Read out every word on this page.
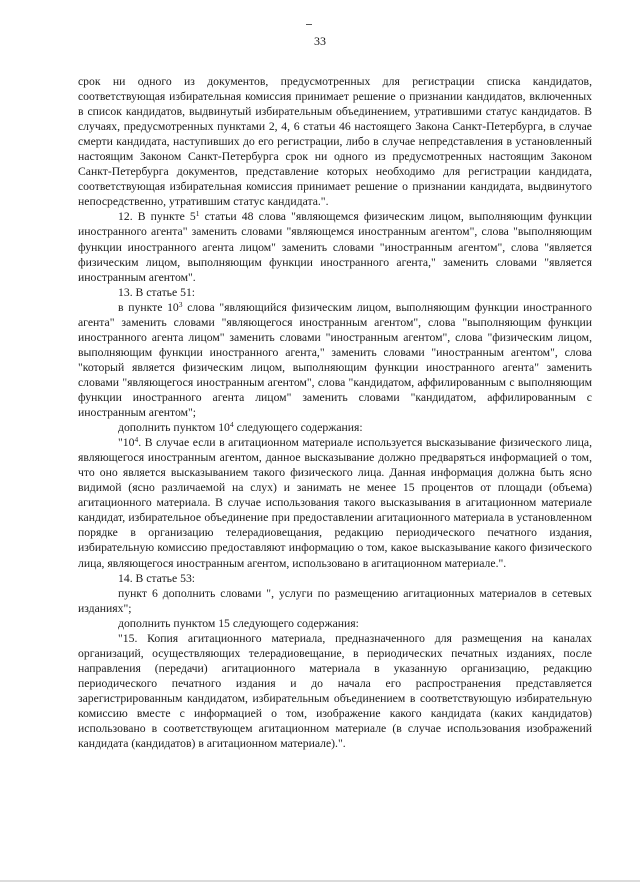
33

срок ни одного из документов, предусмотренных для регистрации списка кандидатов, соответствующая избирательная комиссия принимает решение о признании кандидатов, включенных в список кандидатов, выдвинутый избирательным объединением, утратившими статус кандидатов. В случаях, предусмотренных пунктами 2, 4, 6 статьи 46 настоящего Закона Санкт-Петербурга, в случае смерти кандидата, наступивших до его регистрации, либо в случае непредставления в установленный настоящим Законом Санкт-Петербурга срок ни одного из предусмотренных настоящим Законом Санкт-Петербурга документов, представление которых необходимо для регистрации кандидата, соответствующая избирательная комиссия принимает решение о признании кандидата, выдвинутого непосредственно, утратившим статус кандидата.".

12. В пункте $5^1$ статьи 48 слова "являющемся физическим лицом, выполняющим функции иностранного агента" заменить словами "являющемся иностранным агентом", слова "выполняющим функции иностранного агента лицом" заменить словами "иностранным агентом", слова "является физическим лицом, выполняющим функции иностранного агента," заменить словами "является иностранным агентом".

13. В статье 51:

в пункте $10^3$ слова "являющийся физическим лицом, выполняющим функции иностранного агента" заменить словами "являющегося иностранным агентом", слова "выполняющим функции иностранного агента лицом" заменить словами "иностранным агентом", слова "физическим лицом, выполняющим функции иностранного агента," заменить словами "иностранным агентом", слова "который является физическим лицом, выполняющим функции иностранного агента" заменить словами "являющегося иностранным агентом", слова "кандидатом, аффилированным с выполняющим функции иностранного агента лицом" заменить словами "кандидатом, аффилированным с иностранным агентом";

дополнить пунктом $10^4$ следующего содержания:

"$10^4$. В случае если в агитационном материале используется высказывание физического лица, являющегося иностранным агентом, данное высказывание должно предваряться информацией о том, что оно является высказыванием такого физического лица. Данная информация должна быть ясно видимой (ясно различаемой на слух) и занимать не менее 15 процентов от площади (объема) агитационного материала. В случае использования такого высказывания в агитационном материале кандидат, избирательное объединение при предоставлении агитационного материала в установленном порядке в организацию телерадиовещания, редакцию периодического печатного издания, избирательную комиссию предоставляют информацию о том, какое высказывание какого физического лица, являющегося иностранным агентом, использовано в агитационном материале.".

14. В статье 53:

пункт 6 дополнить словами ", услуги по размещению агитационных материалов в сетевых изданиях";

дополнить пунктом 15 следующего содержания:

"15. Копия агитационного материала, предназначенного для размещения на каналах организаций, осуществляющих телерадиовещание, в периодических печатных изданиях, после направления (передачи) агитационного материала в указанную организацию, редакцию периодического печатного издания и до начала его распространения представляется зарегистрированным кандидатом, избирательным объединением в соответствующую избирательную комиссию вместе с информацией о том, изображение какого кандидата (каких кандидатов) использовано в соответствующем агитационном материале (в случае использования изображений кандидата (кандидатов) в агитационном материале).".
